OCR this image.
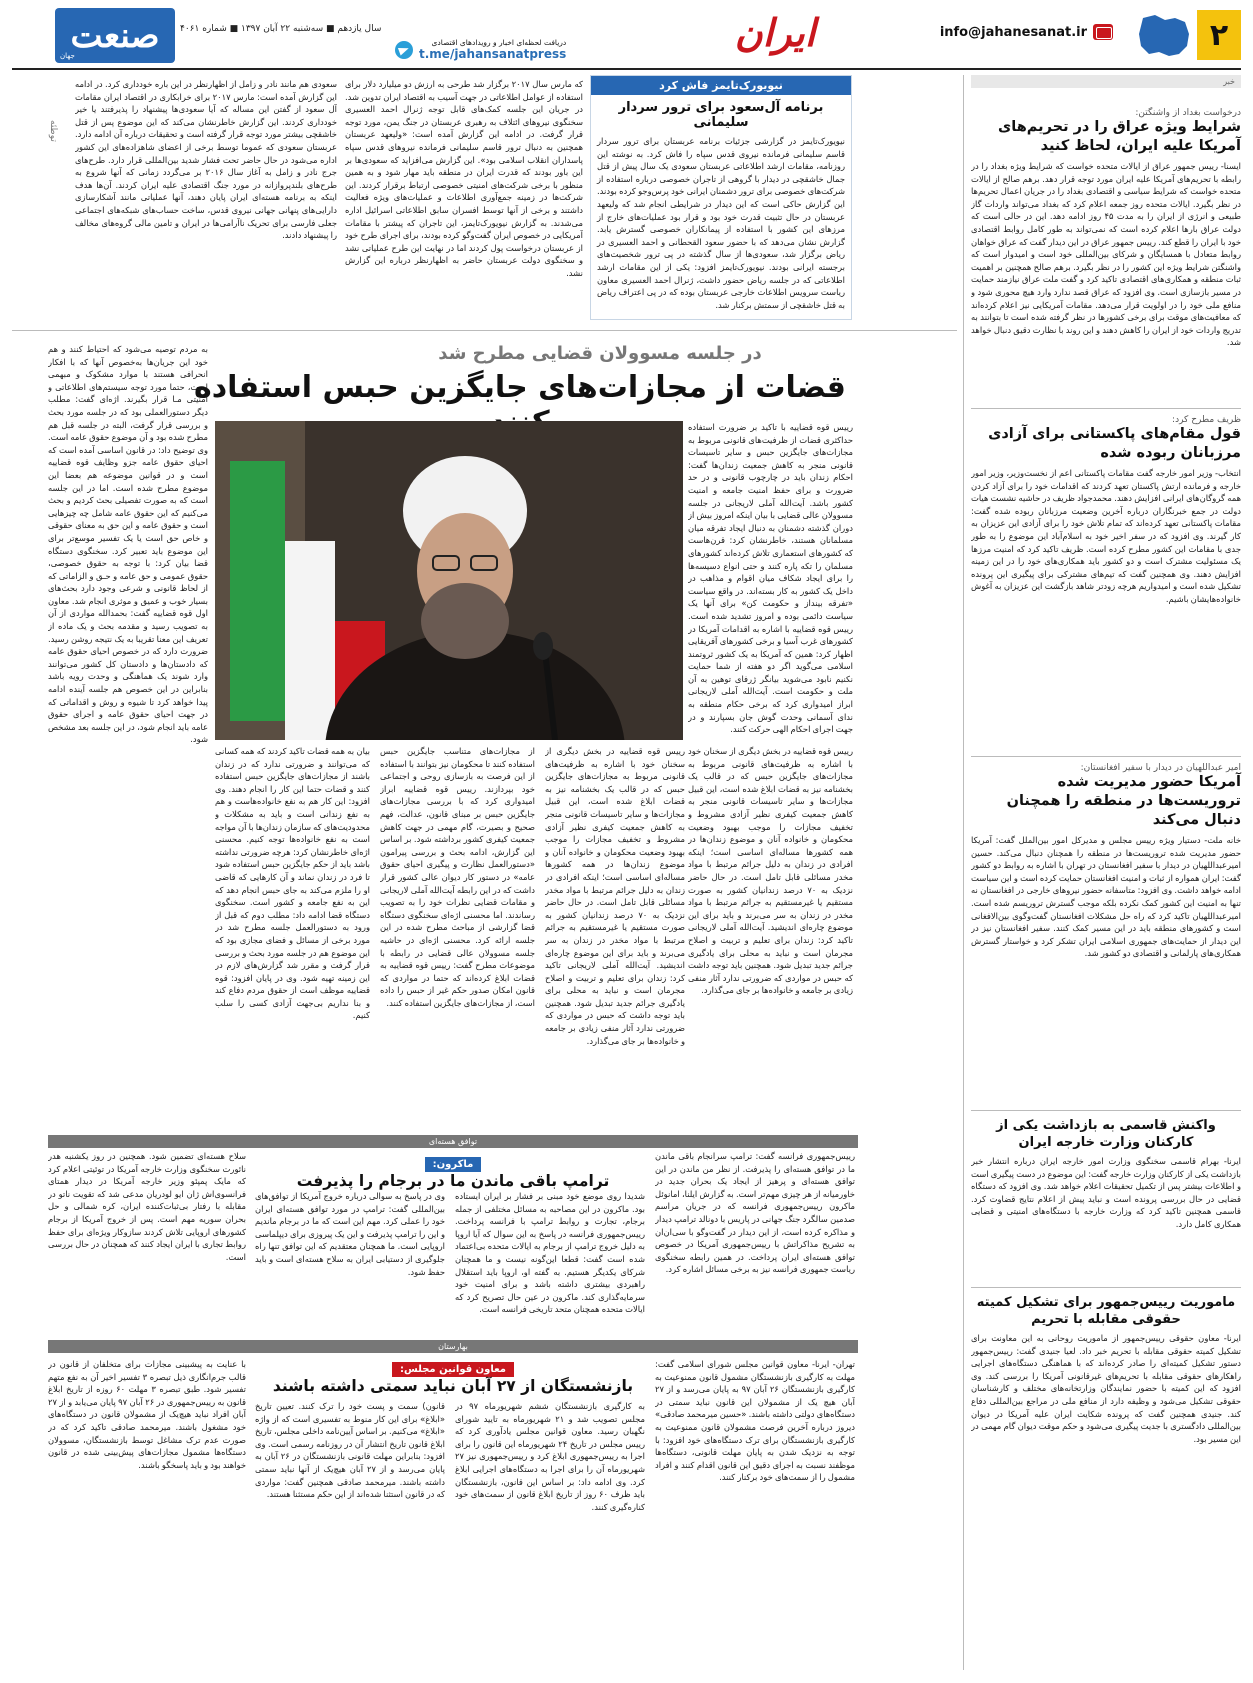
۲
info@jahanesanat.ir
ایران
دریافت لحظه‌ای اخبار و رویدادهای اقتصادی
t.me/jahansanatpress
سال یازدهم ■ سه‌شنبه ۲۲ آبان ۱۳۹۷ ■ شماره ۴۰۶۱
صنعت
جهان
خبر
درخواست بغداد از واشنگتن:
شرایط ویژه عراق را در تحریم‌های آمریکا علیه ایران، لحاظ کنید
ایسنا- رییس جمهور عراق از ایالات متحده خواست که شرایط ویژه بغداد را در رابطه با تحریم‌های آمریکا علیه ایران مورد توجه قرار دهد. برهم صالح از ایالات متحده خواست که شرایط سیاسی و اقتصادی بغداد را در جریان اعمال تحریم‌ها در نظر بگیرد. ایالات متحده روز جمعه اعلام کرد که بغداد می‌تواند واردات گاز طبیعی و انرژی از ایران را به مدت ۴۵ روز ادامه دهد. این در حالی است که دولت عراق بارها اعلام کرده است که نمی‌تواند به طور کامل روابط اقتصادی خود با ایران را قطع کند. رییس جمهور عراق در این دیدار گفت که عراق خواهان روابط متعادل با همسایگان و شرکای بین‌المللی خود است و امیدوار است که واشنگتن شرایط ویژه این کشور را در نظر بگیرد. برهم صالح همچنین بر اهمیت ثبات منطقه و همکاری‌های اقتصادی تاکید کرد و گفت ملت عراق نیازمند حمایت در مسیر بازسازی است. وی افزود که عراق قصد ندارد وارد هیچ محوری شود و منافع ملی خود را در اولویت قرار می‌دهد. مقامات آمریکایی نیز اعلام کرده‌اند که معافیت‌های موقت برای برخی کشورها در نظر گرفته شده است تا بتوانند به تدریج واردات خود از ایران را کاهش دهند و این روند با نظارت دقیق دنبال خواهد شد.
ظریف مطرح کرد:
قول مقام‌های پاکستانی برای آزادی مرزبانان ربوده شده
انتخاب- وزیر امور خارجه گفت مقامات پاکستانی اعم از نخست‌وزیر، وزیر امور خارجه و فرمانده ارتش پاکستان تعهد کردند که اقدامات خود را برای آزاد کردن همه گروگان‌های ایرانی افزایش دهند. محمدجواد ظریف در حاشیه نشست هیات دولت در جمع خبرنگاران درباره آخرین وضعیت مرزبانان ربوده شده گفت: مقامات پاکستانی تعهد کرده‌اند که تمام تلاش خود را برای آزادی این عزیزان به کار گیرند. وی افزود که در سفر اخیر خود به اسلام‌آباد این موضوع را به طور جدی با مقامات این کشور مطرح کرده است. ظریف تاکید کرد که امنیت مرزها یک مسئولیت مشترک است و دو کشور باید همکاری‌های خود را در این زمینه افزایش دهند. وی همچنین گفت که تیم‌های مشترکی برای پیگیری این پرونده تشکیل شده است و امیدواریم هرچه زودتر شاهد بازگشت این عزیزان به آغوش خانواده‌هایشان باشیم.
امیر عبداللهیان در دیدار با سفیر افغانستان:
آمریکا حضور مدیریت شده تروریست‌ها در منطقه را همچنان دنبال می‌کند
خانه ملت- دستیار ویژه رییس مجلس و مدیرکل امور بین‌الملل گفت: آمریکا حضور مدیریت شده تروریست‌ها در منطقه را همچنان دنبال می‌کند. حسین امیرعبداللهیان در دیدار با سفیر افغانستان در تهران با اشاره به روابط دو کشور گفت: ایران همواره از ثبات و امنیت افغانستان حمایت کرده است و این سیاست ادامه خواهد داشت. وی افزود: متاسفانه حضور نیروهای خارجی در افغانستان نه تنها به امنیت این کشور کمک نکرده بلکه موجب گسترش تروریسم شده است. امیرعبداللهیان تاکید کرد که راه حل مشکلات افغانستان گفت‌وگوی بین‌الافغانی است و کشورهای منطقه باید در این مسیر کمک کنند. سفیر افغانستان نیز در این دیدار از حمایت‌های جمهوری اسلامی ایران تشکر کرد و خواستار گسترش همکاری‌های پارلمانی و اقتصادی دو کشور شد.
واکنش قاسمی به بازداشت یکی از کارکنان وزارت خارجه ایران
ایرنا- بهرام قاسمی سخنگوی وزارت امور خارجه ایران درباره انتشار خبر بازداشت یکی از کارکنان وزارت خارجه گفت: این موضوع در دست پیگیری است و اطلاعات بیشتر پس از تکمیل تحقیقات اعلام خواهد شد. وی افزود که دستگاه قضایی در حال بررسی پرونده است و نباید پیش از اعلام نتایج قضاوت کرد. قاسمی همچنین تاکید کرد که وزارت خارجه با دستگاه‌های امنیتی و قضایی همکاری کامل دارد.
ماموریت رییس‌جمهور برای تشکیل کمیته حقوقی مقابله با تحریم
ایرنا- معاون حقوقی رییس‌جمهور از ماموریت روحانی به این معاونت برای تشکیل کمیته حقوقی مقابله با تحریم خبر داد. لعیا جنیدی گفت: رییس‌جمهور دستور تشکیل کمیته‌ای را صادر کرده‌اند که با هماهنگی دستگاه‌های اجرایی راهکارهای حقوقی مقابله با تحریم‌های غیرقانونی آمریکا را بررسی کند. وی افزود که این کمیته با حضور نمایندگان وزارتخانه‌های مختلف و کارشناسان حقوقی تشکیل می‌شود و وظیفه دارد از منافع ملی در مراجع بین‌المللی دفاع کند. جنیدی همچنین گفت که پرونده شکایت ایران علیه آمریکا در دیوان بین‌المللی دادگستری با جدیت پیگیری می‌شود و حکم موقت دیوان گام مهمی در این مسیر بود.
نیویورک‌تایمز فاش کرد
برنامه آل‌سعود برای ترور سردار سلیمانی
نیویورک‌تایمز در گزارشی جزئیات برنامه عربستان برای ترور سردار قاسم سلیمانی فرمانده نیروی قدس سپاه را فاش کرد. به نوشته این روزنامه، مقامات ارشد اطلاعاتی عربستان سعودی یک سال پیش از قتل جمال خاشقچی در دیدار با گروهی از تاجران خصوصی درباره استفاده از شرکت‌های خصوصی برای ترور دشمنان ایرانی خود پرس‌وجو کرده بودند. این گزارش حاکی است که این دیدار در شرایطی انجام شد که ولیعهد عربستان در حال تثبیت قدرت خود بود و قرار بود عملیات‌های خارج از مرزهای این کشور با استفاده از پیمانکاران خصوصی گسترش یابد. گزارش نشان می‌دهد که با حضور سعود القحطانی و احمد العسیری در ریاض برگزار شد، سعودی‌ها از سال گذشته در پی ترور شخصیت‌های برجسته ایرانی بودند. نیویورک‌تایمز افزود: یکی از این مقامات ارشد اطلاعاتی که در جلسه ریاض حضور داشت، ژنرال احمد العسیری معاون ریاست سرویس اطلاعات خارجی عربستان بوده که در پی اعتراف ریاض به قتل خاشقچی از سمتش برکنار شد.
که مارس سال ۲۰۱۷ برگزار شد طرحی به ارزش دو میلیارد دلار برای استفاده از عوامل اطلاعاتی در جهت آسیب به اقتصاد ایران تدوین شد. در جریان این جلسه کمک‌های قابل توجه ژنرال احمد العسیری سخنگوی نیروهای ائتلاف به رهبری عربستان در جنگ یمن، مورد توجه قرار گرفت. در ادامه این گزارش آمده است: «ولیعهد عربستان همچنین به دنبال ترور قاسم سلیمانی فرمانده نیروهای قدس سپاه پاسداران انقلاب اسلامی بود». این گزارش می‌افزاید که سعودی‌ها بر این باور بودند که قدرت ایران در منطقه باید مهار شود و به همین منظور با برخی شرکت‌های امنیتی خصوصی ارتباط برقرار کردند. این شرکت‌ها در زمینه جمع‌آوری اطلاعات و عملیات‌های ویژه فعالیت داشتند و برخی از آنها توسط افسران سابق اطلاعاتی اسرائیل اداره می‌شدند. به گزارش نیویورک‌تایمز، این تاجران که پیشتر با مقامات آمریکایی در خصوص ایران گفت‌وگو کرده بودند، برای اجرای طرح خود از عربستان درخواست پول کردند اما در نهایت این طرح عملیاتی نشد و سخنگوی دولت عربستان حاضر به اظهارنظر درباره این گزارش نشد.
سعودی هم مانند نادر و زامل از اظهارنظر در این باره خودداری کرد. در ادامه این گزارش آمده است: مارس ۲۰۱۷ برای خرابکاری در اقتصاد ایران مقامات آل سعود از گفتن این مساله که آیا سعودی‌ها پیشنهاد را پذیرفتند یا خیر خودداری کردند. این گزارش خاطرنشان می‌کند که این موضوع پس از قتل خاشقچی بیشتر مورد توجه قرار گرفته است و تحقیقات درباره آن ادامه دارد. عربستان سعودی که عموما توسط برخی از اعضای شاهزاده‌های این کشور اداره می‌شود در حال حاضر تحت فشار شدید بین‌المللی قرار دارد. طرح‌های جرج نادر و زامل به آغاز سال ۲۰۱۶ بر می‌گردد زمانی که آنها شروع به طرح‌های بلندپروازانه در مورد جنگ اقتصادی علیه ایران کردند. آن‌ها هدف اینکه به برنامه هسته‌ای ایران پایان دهند، آنها عملیاتی مانند آشکارسازی دارایی‌های پنهانی جهانی نیروی قدس، ساخت حساب‌های شبکه‌های اجتماعی جعلی فارسی برای تحریک ناآرامی‌ها در ایران و تامین مالی گروه‌های مخالف را پیشنهاد دادند.
توطئه
در جلسه مسوولان قضایی مطرح شد
قضات از مجازات‌های جایگزین حبس استفاده
رییس قوه قضاییه با تاکید بر ضرورت استفاده حداکثری قضات از ظرفیت‌های قانونی مربوط به مجازات‌های جایگزین حبس و سایر تاسیسات قانونی منجر به کاهش جمعیت زندان‌ها گفت: احکام زندان باید در چارچوب قانونی و در حد ضرورت و برای حفظ امنیت جامعه و امنیت کشور باشد. آیت‌الله آملی لاریجانی در جلسه مسوولان عالی قضایی با بیان اینکه امروز بیش از دوران گذشته دشمنان به دنبال ایجاد تفرقه میان مسلمانان هستند، خاطرنشان کرد: قرن‌هاست که کشورهای استعماری تلاش کرده‌اند کشورهای مسلمان را تکه پاره کنند و حتی انواع دسیسه‌ها را برای ایجاد شکاف میان اقوام و مذاهب در داخل یک کشور به کار بسته‌اند. در واقع سیاست «تفرقه بینداز و حکومت کن» برای آنها یک سیاست دائمی بوده و امروز تشدید شده است. رییس قوه قضاییه با اشاره به اقدامات آمریکا در کشورهای غرب آسیا و برخی کشورهای آفریقایی اظهار کرد: همین که آمریکا به یک کشور ثروتمند اسلامی می‌گوید اگر دو هفته از شما حمایت نکنیم نابود می‌شوید بیانگر ژرفای توهین به آن ملت و حکومت است. آیت‌الله آملی لاریجانی ابراز امیدواری کرد که برخی حکام منطقه به ندای آسمانی وحدت گوش جان بسپارند و در جهت اجرای احکام الهی حرکت کنند.
رییس قوه قضاییه در بخش دیگری از سخنان خود با اشاره به ظرفیت‌های قانونی مربوط به مجازات‌های جایگزین حبس که در قالب یک بخشنامه نیز به قضات ابلاغ شده است، این قبیل مجازات‌ها و سایر تاسیسات قانونی منجر به کاهش جمعیت کیفری نظیر آزادی مشروط و تخفیف مجازات را موجب بهبود وضعیت محکومان و خانواده آنان و موضوع زندان‌ها در همه کشورها مساله‌ای اساسی است؛ اینکه افرادی در زندان به دلیل جرائم مرتبط با مواد مخدر مسائلی قابل تامل است. در حال حاضر نزدیک به ۷۰ درصد زندانیان کشور به صورت مستقیم یا غیرمستقیم به جرائم مرتبط با مواد مخدر در زندان به سر می‌برند و باید برای این موضوع چاره‌ای اندیشید. آیت‌الله آملی لاریجانی تاکید کرد: زندان برای تعلیم و تربیت و اصلاح مجرمان است و نباید به محلی برای یادگیری جرائم جدید تبدیل شود. همچنین باید توجه داشت که حبس در مواردی که ضرورتی ندارد آثار منفی زیادی بر جامعه و خانواده‌ها بر جای می‌گذارد.
از مجازات‌های متناسب جایگزین حبس استفاده کنند تا محکومان نیز بتوانند با استفاده از این فرصت به بازسازی روحی و اجتماعی خود بپردازند. رییس قوه قضاییه ابراز امیدواری کرد که با بررسی مجازات‌های جایگزین حبس بر مبنای قانون، عدالت، فهم صحیح و بصیرت، گام مهمی در جهت کاهش جمعیت کیفری کشور برداشته شود. بر اساس این گزارش، ادامه بحث و بررسی پیرامون «دستورالعمل نظارت و پیگیری احیای حقوق عامه» در دستور کار دیوان عالی کشور قرار داشت که در این رابطه آیت‌الله آملی لاریجانی و مقامات قضایی نظرات خود را به تصویب رساندند. اما محسنی اژه‌ای سخنگوی دستگاه قضا گزارشی از مباحث مطرح شده در این جلسه ارائه کرد. محسنی اژه‌ای در حاشیه جلسه مسوولان عالی قضایی در رابطه با موضوعات مطرح گفت: رییس قوه قضاییه به قضات ابلاغ کرده‌اند که حتما در مواردی که قانون امکان صدور حکم غیر از حبس را داده است، از مجازات‌های جایگزین استفاده کنند.
بیان به همه قضات تاکید کردند که همه کسانی که می‌توانند و ضرورتی ندارد که در زندان باشند از مجازات‌های جایگزین حبس استفاده کنند و قضات حتما این کار را انجام دهند. وی افزود: این کار هم به نفع خانواده‌هاست و هم به نفع زندانی است و باید به مشکلات و محدودیت‌های که سازمان زندان‌ها با آن مواجه است به نفع خانواده‌ها توجه کنیم. محسنی اژه‌ای خاطرنشان کرد: هرچه ضرورتی نداشته باشد باید از حکم جایگزین حبس استفاده شود تا فرد در زندان نماند و آن کارهایی که قاضی او را ملزم می‌کند به جای حبس انجام دهد که این به نفع جامعه و کشور است. سخنگوی دستگاه قضا ادامه داد: مطلب دوم که قبل از ورود به دستورالعمل جلسه مطرح شد در مورد برخی از مسائل و فضای مجازی بود که این موضوع هم در جلسه مورد بحث و بررسی قرار گرفت و مقرر شد گزارش‌های لازم در این زمینه تهیه شود. وی در پایان افزود: قوه قضاییه موظف است از حقوق مردم دفاع کند و بنا نداریم بی‌جهت آزادی کسی را سلب کنیم.
به مردم توصیه می‌شود که احتیاط کنند و هم خود این جریان‌ها به‌خصوص آنها که با افکار انحرافی هستند با موارد مشکوک و مبهمی است، حتما مورد توجه سیستم‌های اطلاعاتی و امنیتی مـا قرار بگیرند. اژه‌ای گفت: مطلب دیگر دستورالعملی بود که در جلسه مورد بحث و بررسی قرار گرفت، البته در جلسه قبل هم مطرح شده بود و آن موضوع حقوق عامه است. وی توضیح داد: در قانون اساسی آمده است که احیای حقوق عامه جزو وظایف قوه قضاییه است و در قوانین موضوعه هم بعضا این موضوع مطرح شده است. اما در این جلسه است که به صورت تفصیلی بحث کردیم و بحث می‌کنیم که این حقوق عامه شامل چه چیزهایی است و حقوق عامه و این حق به معنای حقوقی و خاص حق است یا یک تفسیر موسع‌تر برای این موضوع باید تعبیر کرد. سخنگوی دستگاه قضا بیان کرد: با توجه به حقوق خصوصی، حقوق عمومی و حق عامه و حـق و الزاماتی که از لحاظ قانونی و شرعی وجود دارد بحث‌های بسیار خوب و عمیق و موثری انجام شد. معاون اول قوه قضاییه گفت: بحمدالله مواردی از آن به تصویب رسید و مقدمه بحث و یک ماده از تعریف این معنا تقریبا به یک نتیجه روشن رسید. ضرورت دارد که در خصوص احیای حقوق عامه که دادستان‌ها و دادستان کل کشور می‌توانند وارد شوند یک هماهنگی و وحدت رویه باشد بنابراین در این خصوص هم جلسه آینده ادامه پیدا خواهد کرد تا شیوه و روش و اقداماتی که در جهت احیای حقوق عامه و اجرای حقوق عامه باید انجام شود، در این جلسه بعد مشخص شود.
رییس قوه قضاییه در بخش دیگری از سخنان خود با اشاره به ظرفیت‌های قانونی مربوط به مجازات‌های جایگزین حبس که در قالب یک بخشنامه نیز به قضات ابلاغ شده است، این قبیل مجازات‌ها و سایر تاسیسات قانونی منجر به کاهش جمعیت کیفری نظیر آزادی مشروط و تخفیف مجازات را موجب بهبود وضعیت محکومان و خانواده آنان و موضوع زندان‌ها در همه کشورها مساله‌ای اساسی است؛ اینکه افرادی در زندان به دلیل جرائم مرتبط با مواد مخدر مسائلی قابل تامل است. در حال حاضر نزدیک به ۷۰ درصد زندانیان کشور به صورت مستقیم یا غیرمستقیم به جرائم مرتبط با مواد مخدر در زندان به سر می‌برند و باید برای این موضوع چاره‌ای اندیشید. آیت‌الله آملی لاریجانی تاکید کرد: زندان برای تعلیم و تربیت و اصلاح مجرمان است و نباید به محلی برای یادگیری جرائم جدید تبدیل شود. همچنین باید توجه داشت که حبس در مواردی که ضرورتی ندارد آثار منفی زیادی بر جامعه و خانواده‌ها بر جای می‌گذارد.
توافق هسته‌ای
ماکرون:
ترامپ باقی ماندن ما در برجام را پذیرفت
رییس‌جمهوری فرانسه گفت: ترامپ سرانجام باقی ماندن ما در توافق هسته‌ای را پذیرفت. از نظر من ماندن در این توافق هسته‌ای و پرهیز از ایجاد یک بحران جدید در خاورمیانه از هر چیزی مهم‌تر است. به گزارش ایلنا، امانوئل ماکرون رییس‌جمهوری فرانسه که در جریان مراسم صدمین سالگرد جنگ جهانی در پاریس با دونالد ترامپ دیدار و مذاکره کرده است، از این دیدار در گفت‌وگو با سی‌ان‌ان به تشریح مذاکراتش با رییس‌جمهوری آمریکا در خصوص توافق هسته‌ای ایران پرداخت. در همین رابطه سخنگوی ریاست جمهوری فرانسه نیز به برخی مسائل اشاره کرد.
شدیدا روی موضع خود مبنی بر فشار بر ایران ایستاده بود. ماکرون در این مصاحبه به مسائل مختلفی از جمله برجام، تجارت و روابط ترامپ با فرانسه پرداخت. رییس‌جمهوری فرانسه در پاسخ به این سوال که آیا اروپا به دلیل خروج ترامپ از برجام به ایالات متحده بی‌اعتماد شده است گفت: قطعا این‌گونه نیست و ما همچنان شرکای یکدیگر هستیم. به گفته او، اروپا باید استقلال راهبردی بیشتری داشته باشد و برای امنیت خود سرمایه‌گذاری کند. ماکرون در عین حال تصریح کرد که ایالات متحده همچنان متحد تاریخی فرانسه است.
وی در پاسخ به سوالی درباره خروج آمریکا از توافق‌های بین‌المللی گفت: ترامپ در مورد توافق هسته‌ای ایران خود را عملی کرد. مهم این است که ما در برجام ماندیم و این را ترامپ پذیرفت و این یک پیروزی برای دیپلماسی اروپایی است. ما همچنان معتقدیم که این توافق تنها راه جلوگیری از دستیابی ایران به سلاح هسته‌ای است و باید حفظ شود.
سلاح هسته‌ای تضمین شود. همچنین در روز یکشنبه هدر نائورت سخنگوی وزارت خارجه آمریکا در توئیتی اعلام کرد که مایک پمپئو وزیر خارجه آمریکا در دیدار همتای فرانسوی‌اش ژان ایو لودریان مدعی شد که تقویت ناتو در مقابله با رفتار بی‌ثبات‌کننده ایران، کره شمالی و حل بحران سوریه مهم است. پس از خروج آمریکا از برجام کشورهای اروپایی تلاش کردند سازوکار ویژه‌ای برای حفظ روابط تجاری با ایران ایجاد کنند که همچنان در حال بررسی است.
بهارستان
معاون قوانین مجلس:
بازنشستگان از ۲۷ آبان نباید سمتی داشته باشند
تهران- ایرنا- معاون قوانین مجلس شورای اسلامی گفت: مهلت به کارگیری بازنشستگان مشمول قانون ممنوعیت به کارگیری بازنشستگان ۲۶ آبان ۹۷ به پایان می‌رسد و از ۲۷ آبان هیچ یک از مشمولان این قانون نباید سمتی در دستگاه‌های دولتی داشته باشند. «حسین میرمحمد صادقی» دیروز درباره آخرین فرصت مشمولان قانون ممنوعیت به کارگیری بازنشستگان برای ترک دستگاه‌های خود افزود: با توجه به نزدیک شدن به پایان مهلت قانونی، دستگاه‌ها موظفند نسبت به اجرای دقیق این قانون اقدام کنند و افراد مشمول را از سمت‌های خود برکنار کنند.
به کارگیری بازنشستگان ششم شهریورماه ۹۷ در مجلس تصویب شد و ۲۱ شهریورماه به تایید شورای نگهبان رسید. معاون قوانین مجلس یادآوری کرد که رییس مجلس در تاریخ ۲۴ شهریورماه این قانون را برای اجرا به رییس‌جمهوری ابلاغ کرد و رییس‌جمهوری نیز ۲۷ شهریورماه آن را برای اجرا به دستگاه‌های اجرایی ابلاغ کرد. وی ادامه داد: بر اساس این قانون، بازنشستگان باید ظرف ۶۰ روز از تاریخ ابلاغ قانون از سمت‌های خود کناره‌گیری کنند.
قانون) سمت و پست خود را ترک کنند. تعیین تاریخ «ابلاغ» برای این کار منوط به تفسیری است که از واژه «ابلاغ» می‌کنیم. بر اساس آیین‌نامه داخلی مجلس، تاریخ ابلاغ قانون تاریخ انتشار آن در روزنامه رسمی است. وی افزود: بنابراین مهلت قانونی بازنشستگان در ۲۶ آبان به پایان می‌رسد و از ۲۷ آبان هیچ‌یک از آنها نباید سمتی داشته باشند. میرمحمد صادقی همچنین گفت: مواردی که در قانون استثنا شده‌اند از این حکم مستثنا هستند.
با عنایت به پیشبینی مجازات برای متخلفان از قانون در قالب جرم‌انگاری ذیل تبصره ۳ تفسیر اخیر آن به نفع متهم تفسیر شود. طبق تبصره ۳ مهلت ۶۰ روزه از تاریخ ابلاغ قانون به رییس‌جمهوری در ۲۶ آبان ۹۷ پایان می‌یابد و از ۲۷ آبان افراد نباید هیچ‌یک از مشمولان قانون در دستگاه‌های خود مشغول باشند. میرمحمد صادقی تاکید کرد که در صورت عدم ترک مشاغل توسط بازنشستگان، مسوولان دستگاه‌ها مشمول مجازات‌های پیش‌بینی شده در قانون خواهند بود و باید پاسخگو باشند.
